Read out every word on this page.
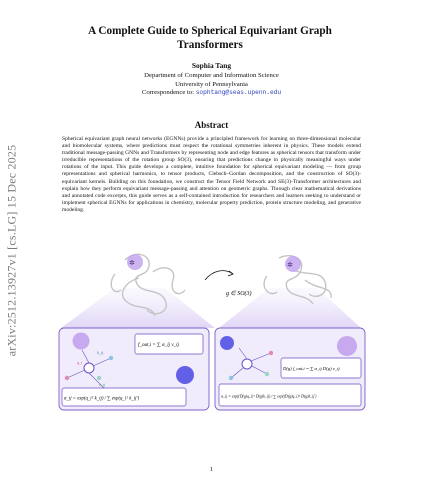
arXiv:2512.13927v1 [cs.LG] 15 Dec 2025
A Complete Guide to Spherical Equivariant Graph Transformers
Sophia Tang
Department of Computer and Information Science
University of Pennsylvania
Correspondence to: sophtang@seas.upenn.edu
Abstract
Spherical equivariant graph neural networks (EGNNs) provide a principled framework for learning on three-dimensional molecular and biomolecular systems, where predictions must respect the rotational symmetries inherent in physics. These models extend traditional message-passing GNNs and Transformers by representing node and edge features as spherical tensors that transform under irreducible representations of the rotation group SO(3), ensuring that predictions change in physically meaningful ways under rotations of the input. This guide develops a complete, intuitive foundation for spherical equivariant modeling — from group representations and spherical harmonics, to tensor products, Clebsch–Gordan decomposition, and the construction of SO(3)-equivariant kernels. Building on this foundation, we construct the Tensor Field Network and SE(3)-Transformer architectures and explain how they perform equivariant message-passing and attention on geometric graphs. Through clear mathematical derivations and annotated code excerpts, this guide serves as a self-contained introduction for researchers and learners seeking to understand or implement spherical EGNNs for applications in chemistry, molecular property prediction, protein structure modeling, and generative modeling.
✲
g ∈ SO(3)
✲
q_i
k_ij
v_ij
f_out,i = ∑ α_ij v_ij
α_ij = exp(q_iᵀ k_ij) / ∑ exp(q_iᵀ k_ij′)
D(g) f_out,i = ∑ α_ij D(g) v_ij
α_ij = exp((D(g)q_i)ᵀ D(g)k_ij) / ∑ exp((D(g)q_i)ᵀ D(g)k_ij′)
1
